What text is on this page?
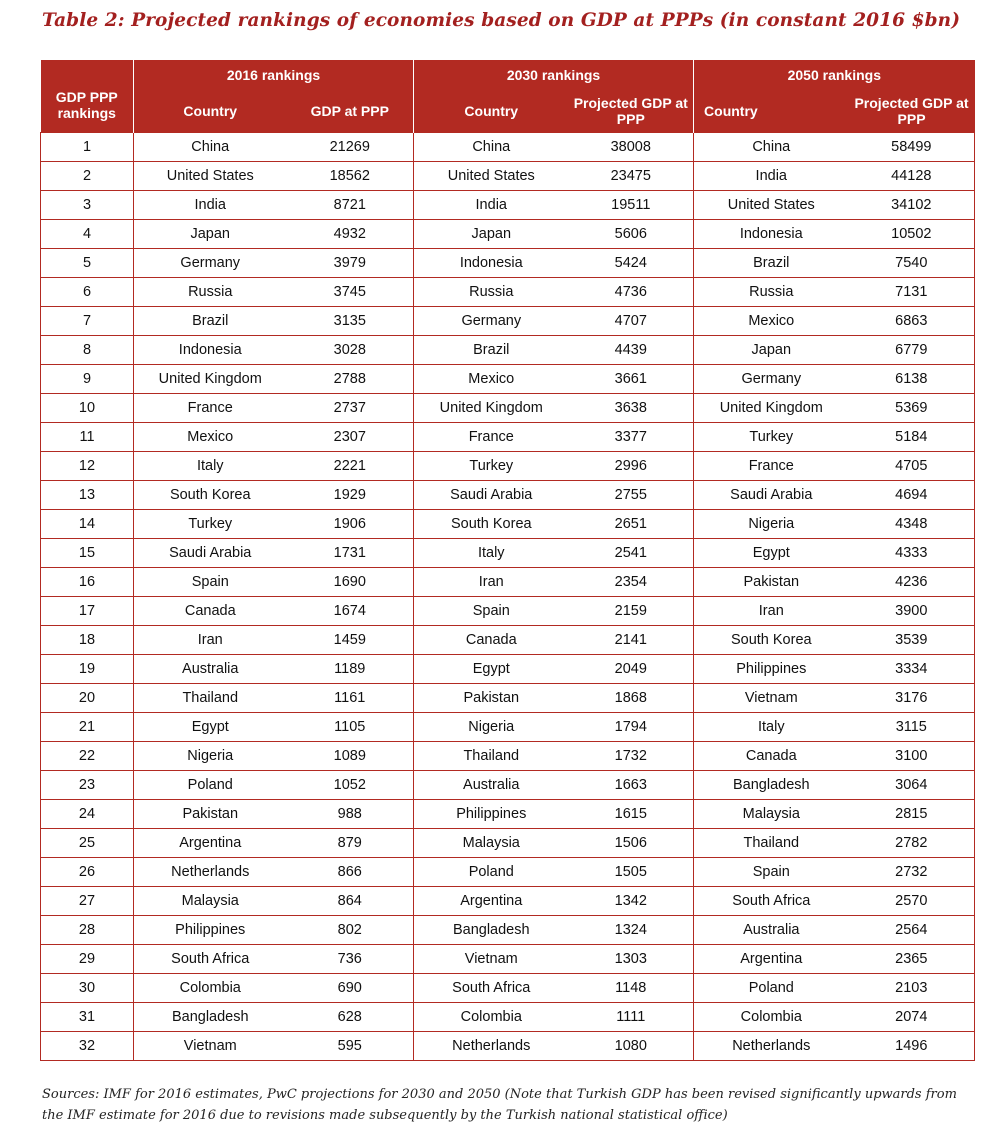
Table 2: Projected rankings of economies based on GDP at PPPs (in constant 2016 $bn)
GDP PPP rankings	2016 rankings		2030 rankings		2050 rankings	
	Country	GDP at PPP	Country	Projected GDP at PPP	Country	Projected GDP at PPP
1	China	21269	China	38008	China	58499
2	United States	18562	United States	23475	India	44128
3	India	8721	India	19511	United States	34102
4	Japan	4932	Japan	5606	Indonesia	10502
5	Germany	3979	Indonesia	5424	Brazil	7540
6	Russia	3745	Russia	4736	Russia	7131
7	Brazil	3135	Germany	4707	Mexico	6863
8	Indonesia	3028	Brazil	4439	Japan	6779
9	United Kingdom	2788	Mexico	3661	Germany	6138
10	France	2737	United Kingdom	3638	United Kingdom	5369
11	Mexico	2307	France	3377	Turkey	5184
12	Italy	2221	Turkey	2996	France	4705
13	South Korea	1929	Saudi Arabia	2755	Saudi Arabia	4694
14	Turkey	1906	South Korea	2651	Nigeria	4348
15	Saudi Arabia	1731	Italy	2541	Egypt	4333
16	Spain	1690	Iran	2354	Pakistan	4236
17	Canada	1674	Spain	2159	Iran	3900
18	Iran	1459	Canada	2141	South Korea	3539
19	Australia	1189	Egypt	2049	Philippines	3334
20	Thailand	1161	Pakistan	1868	Vietnam	3176
21	Egypt	1105	Nigeria	1794	Italy	3115
22	Nigeria	1089	Thailand	1732	Canada	3100
23	Poland	1052	Australia	1663	Bangladesh	3064
24	Pakistan	988	Philippines	1615	Malaysia	2815
25	Argentina	879	Malaysia	1506	Thailand	2782
26	Netherlands	866	Poland	1505	Spain	2732
27	Malaysia	864	Argentina	1342	South Africa	2570
28	Philippines	802	Bangladesh	1324	Australia	2564
29	South Africa	736	Vietnam	1303	Argentina	2365
30	Colombia	690	South Africa	1148	Poland	2103
31	Bangladesh	628	Colombia	1111	Colombia	2074
32	Vietnam	595	Netherlands	1080	Netherlands	1496
Sources: IMF for 2016 estimates, PwC projections for 2030 and 2050 (Note that Turkish GDP has been revised significantly upwards from the IMF estimate for 2016 due to revisions made subsequently by the Turkish national statistical office)
